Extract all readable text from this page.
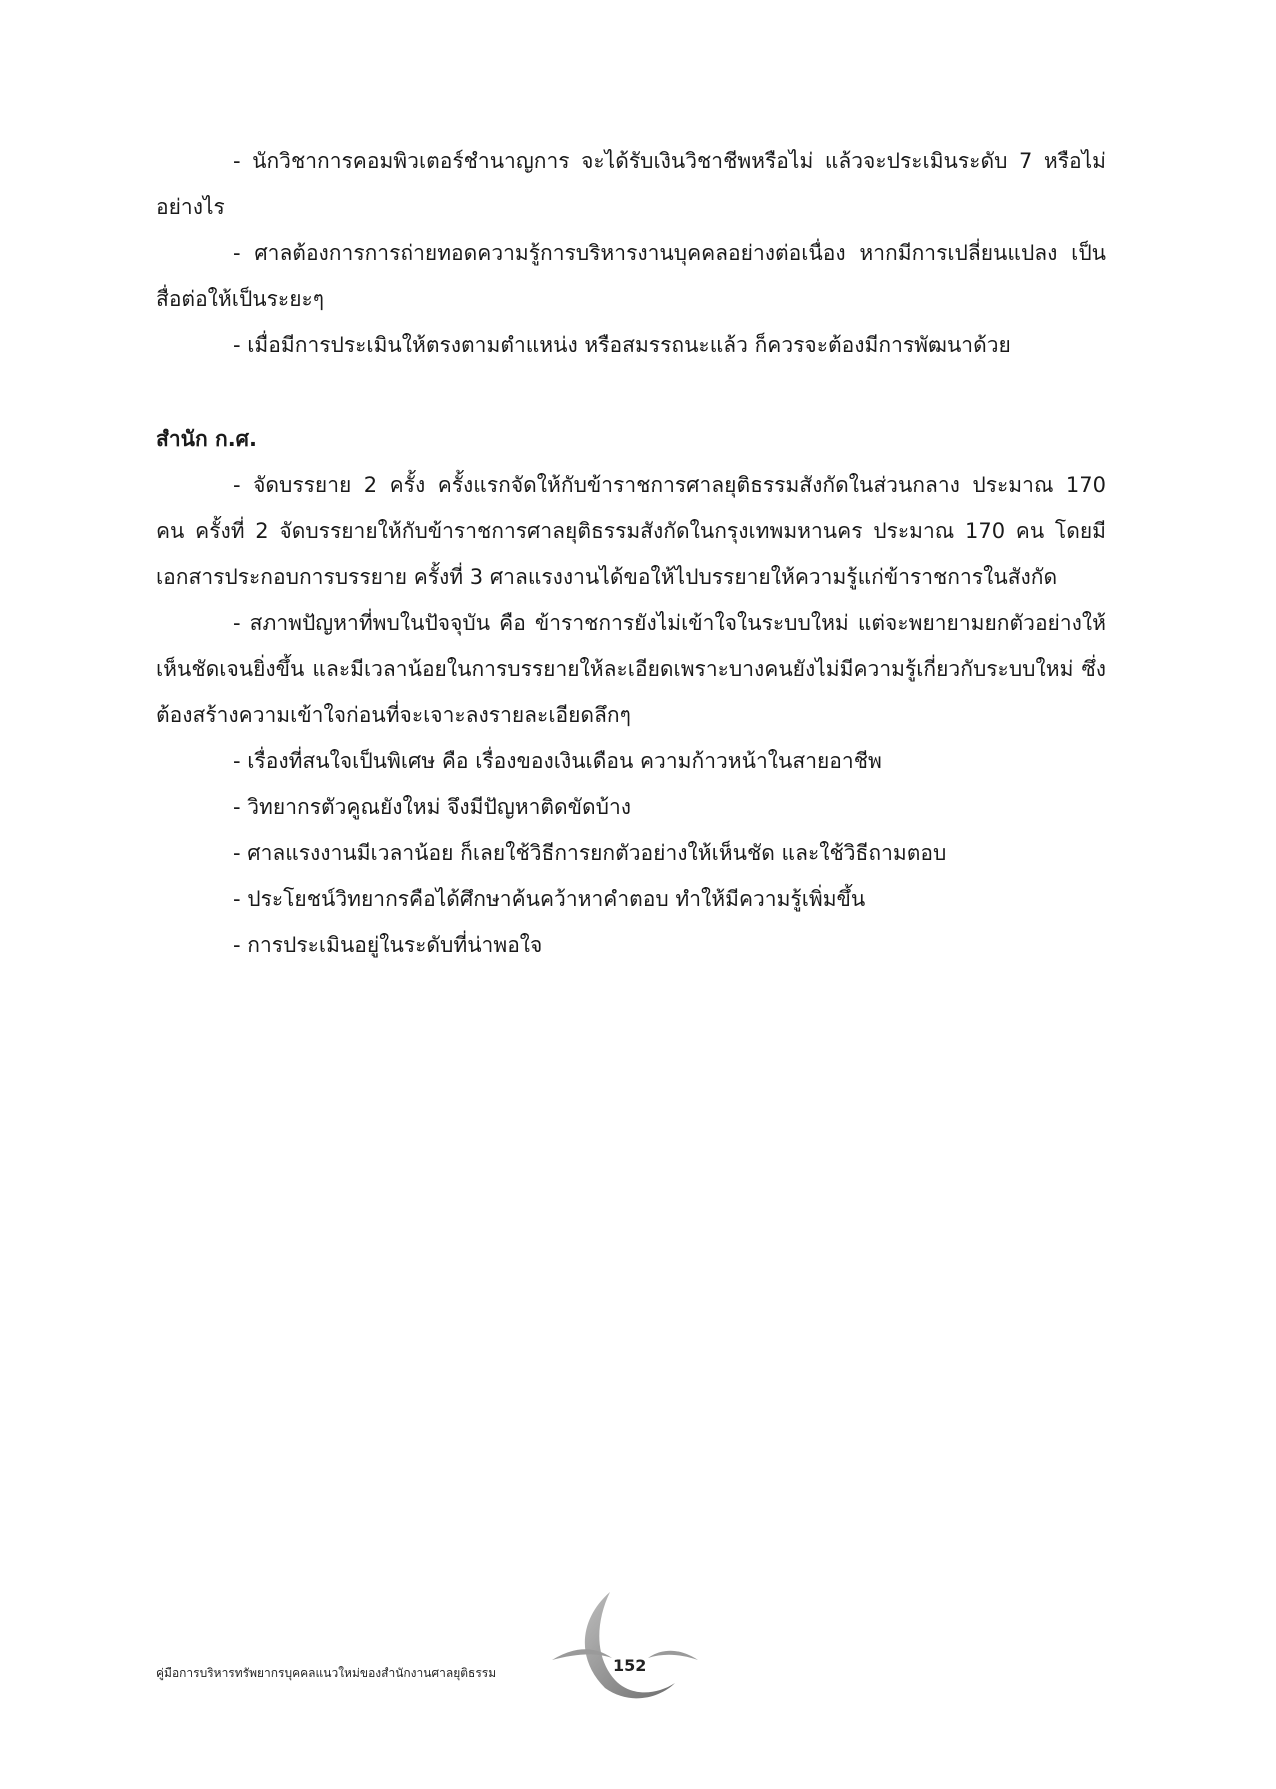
- นักวิชาการคอมพิวเตอร์ชำนาญการ จะได้รับเงินวิชาชีพหรือไม่ แล้วจะประเมินระดับ 7 หรือไม่อย่างไร

- ศาลต้องการการถ่ายทอดความรู้การบริหารงานบุคคลอย่างต่อเนื่อง หากมีการเปลี่ยนแปลง เป็นสื่อต่อให้เป็นระยะๆ

- เมื่อมีการประเมินให้ตรงตามตำแหน่ง หรือสมรรถนะแล้ว ก็ควรจะต้องมีการพัฒนาด้วย

สำนัก ก.ศ.

- จัดบรรยาย 2 ครั้ง ครั้งแรกจัดให้กับข้าราชการศาลยุติธรรมสังกัดในส่วนกลาง ประมาณ 170 คน ครั้งที่ 2 จัดบรรยายให้กับข้าราชการศาลยุติธรรมสังกัดในกรุงเทพมหานคร ประมาณ 170 คน โดยมีเอกสารประกอบการบรรยาย ครั้งที่ 3 ศาลแรงงานได้ขอให้ไปบรรยายให้ความรู้แก่ข้าราชการในสังกัด

- สภาพปัญหาที่พบในปัจจุบัน คือ ข้าราชการยังไม่เข้าใจในระบบใหม่ แต่จะพยายามยกตัวอย่างให้เห็นชัดเจนยิ่งขึ้น และมีเวลาน้อยในการบรรยายให้ละเอียดเพราะบางคนยังไม่มีความรู้เกี่ยวกับระบบใหม่ ซึ่งต้องสร้างความเข้าใจก่อนที่จะเจาะลงรายละเอียดลึกๆ

- เรื่องที่สนใจเป็นพิเศษ คือ เรื่องของเงินเดือน ความก้าวหน้าในสายอาชีพ

- วิทยากรตัวคูณยังใหม่ จึงมีปัญหาติดขัดบ้าง

- ศาลแรงงานมีเวลาน้อย ก็เลยใช้วิธีการยกตัวอย่างให้เห็นชัด และใช้วิธีถามตอบ

- ประโยชน์วิทยากรคือได้ศึกษาค้นคว้าหาคำตอบ ทำให้มีความรู้เพิ่มขึ้น

- การประเมินอยู่ในระดับที่น่าพอใจ

คู่มือการบริหารทรัพยากรบุคคลแนวใหม่ของสำนักงานศาลยุติธรรม	152
